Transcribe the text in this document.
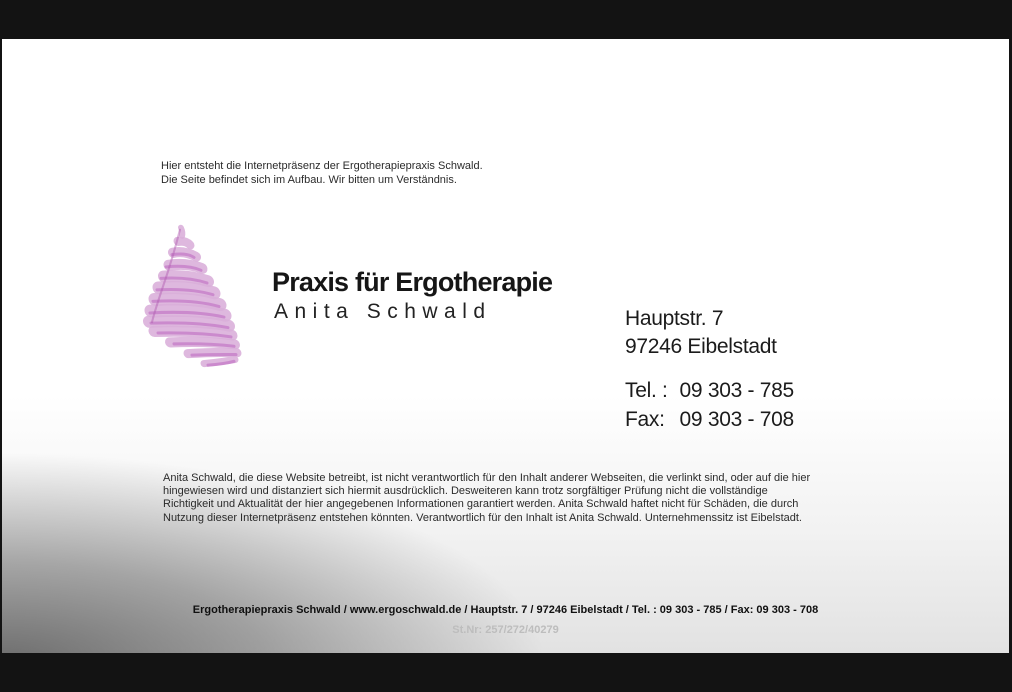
Hier entsteht die Internetpräsenz der Ergotherapiepraxis Schwald.
Die Seite befindet sich im Aufbau. Wir bitten um Verständnis.
Praxis für Ergotherapie
Anita Schwald	Hauptstr. 7
97246 Eibelstadt
Tel. : 09 303 - 785
Fax: 09 303 - 708
Anita Schwald, die diese Website betreibt, ist nicht verantwortlich für den Inhalt anderer Webseiten, die verlinkt sind, oder auf die hier hingewiesen wird und distanziert sich hiermit ausdrücklich. Desweiteren kann trotz sorgfältiger Prüfung nicht die vollständige Richtigkeit und Aktualität der hier angegebenen Informationen garantiert werden. Anita Schwald haftet nicht für Schäden, die durch Nutzung dieser Internetpräsenz entstehen könnten. Verantwortlich für den Inhalt ist Anita Schwald. Unternehmenssitz ist Eibelstadt.
Ergotherapiepraxis Schwald / www.ergoschwald.de / Hauptstr. 7 / 97246 Eibelstadt / Tel. : 09 303 - 785 / Fax: 09 303 - 708
St.Nr: 257/272/40279
